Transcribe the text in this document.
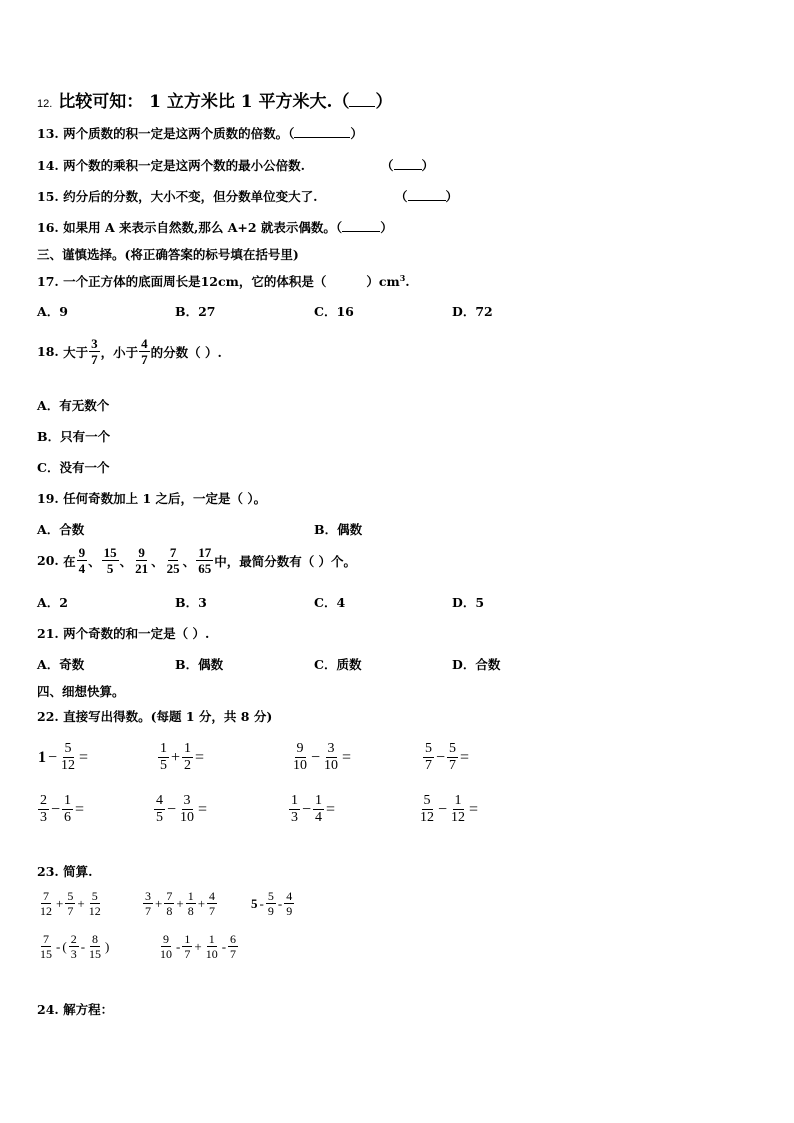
12. 比较可知： 1 立方米比 1 平方米大.（ ）
13. 两个质数的积一定是这两个质数的倍数。（	）
14. 两个数的乘积一定是这两个数的最小公倍数.	（ ）
15. 约分后的分数，大小不变，但分数单位变大了.	（	）
16. 如果用 A 来表示自然数,那么 A+2 就表示偶数。（	）
三、谨慎选择。(将正确答案的标号填在括号里)
17. 一个正方体的底面周长是12cm，它的体积是（	）$cm^3$.
A．9	B．27	C．16	D．72
18.
大于 $\frac{3}{7}$ ，小于 $\frac{4}{7}$ 的分数（ ）.
A．有无数个
B．只有一个
C．没有一个
19. 任何奇数加上 1 之后，一定是（ ）。
A．合数	B．偶数
20.
在 $\frac{9}{4}$ 、 $\frac{15}{5}$ 、 $\frac{9}{21}$ 、 $\frac{7}{25}$ 、 $\frac{17}{65}$ 中，最简分数有（ ）个。
A．2	B．3	C．4	D．5
21. 两个奇数的和一定是（ ）.
A．奇数	B．偶数	C．质数	D．合数
四、细想快算。
22. 直接写出得数。(每题 1 分，共 8 分)
$1 - \frac{5}{12}$ =	$\frac{1}{5} + \frac{1}{2}$ =	$\frac{9}{10} - \frac{3}{10}$ =	$\frac{5}{7} - \frac{5}{7}$ =
$\frac{2}{3} - \frac{1}{6}$ =	$\frac{4}{5} - \frac{3}{10}$ =	$\frac{1}{3} - \frac{1}{4}$ =	$\frac{5}{12} - \frac{1}{12}$ =
23. 简算.
$\frac{7}{12} + \frac{5}{7} + \frac{5}{12}$	$\frac{3}{7} + \frac{7}{8} + \frac{1}{8} + \frac{4}{7}$	$5 - \frac{5}{9} - \frac{4}{9}$
$\frac{7}{15}$ - ( $\frac{2}{3} - \frac{8}{15}$ )	$\frac{9}{10} - \frac{1}{7} + \frac{1}{10} - \frac{6}{7}$
24. 解方程：
